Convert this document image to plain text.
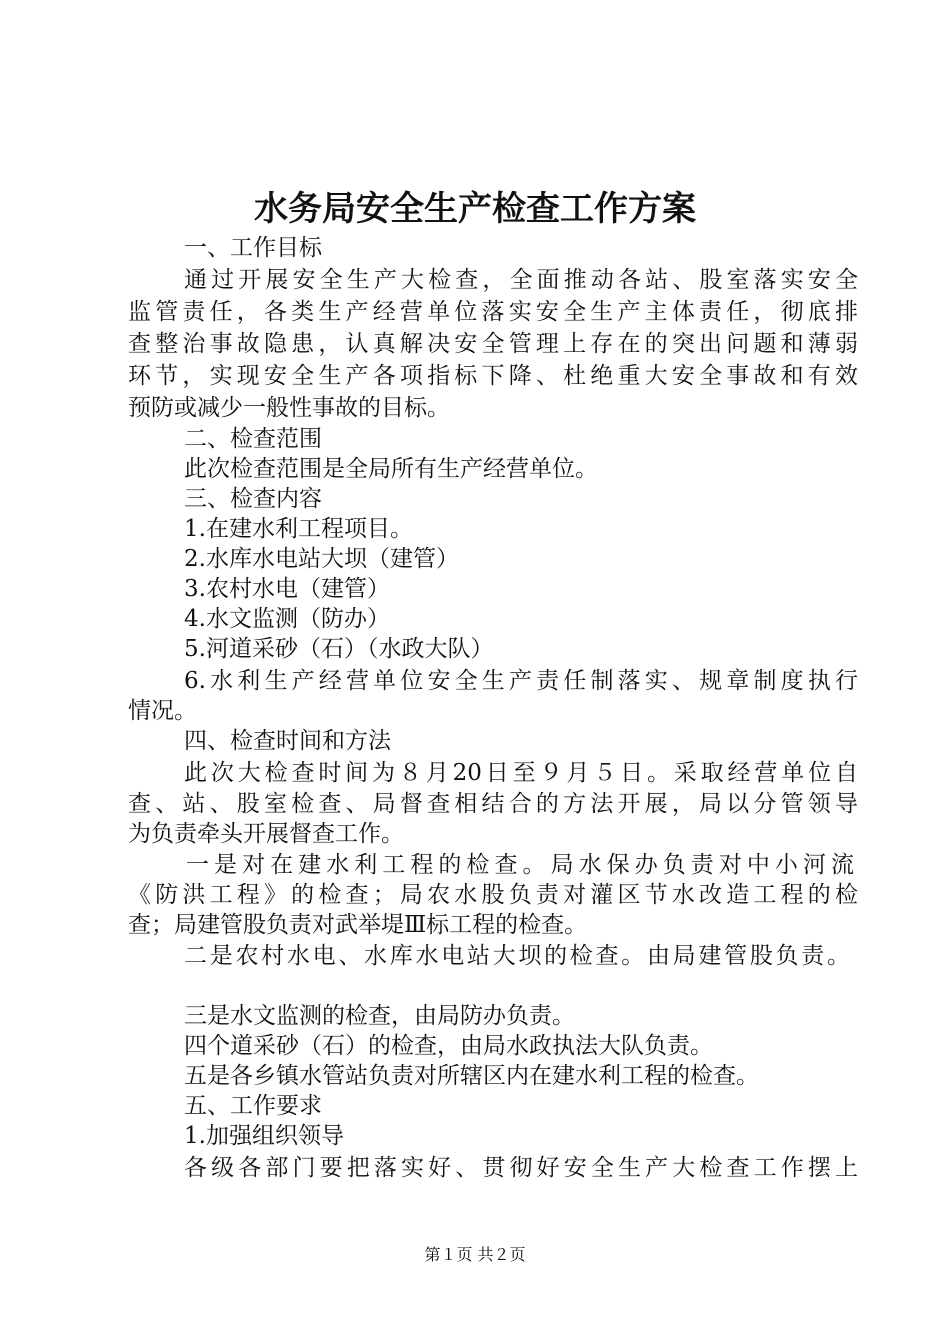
水务局安全生产检查工作方案
一、工作目标
通过开展安全生产大检查，全面推动各站、股室落实安全
监管责任，各类生产经营单位落实安全生产主体责任，彻底排
查整治事故隐患，认真解决安全管理上存在的突出问题和薄弱
环节，实现安全生产各项指标下降、杜绝重大安全事故和有效
预防或减少一般性事故的目标。
二、检查范围
此次检查范围是全局所有生产经营单位。
三、检查内容
1.在建水利工程项目。
2.水库水电站大坝（建管）
3.农村水电（建管）
4.水文监测（防办）
5.河道采砂（石）（水政大队）
6.水利生产经营单位安全生产责任制落实、规章制度执行
情况。
四、检查时间和方法
此次大检查时间为８月20日至９月５日。采取经营单位自
查、站、股室检查、局督查相结合的方法开展，局以分管领导
为负责牵头开展督查工作。
一是对在建水利工程的检查。局水保办负责对中小河流
《防洪工程》的检查；局农水股负责对灌区节水改造工程的检
查；局建管股负责对武举堤Ⅲ标工程的检查。
二是农村水电、水库水电站大坝的检查。由局建管股负责。
三是水文监测的检查，由局防办负责。
四个道采砂（石）的检查，由局水政执法大队负责。
五是各乡镇水管站负责对所辖区内在建水利工程的检查。
五、工作要求
1.加强组织领导
各级各部门要把落实好、贯彻好安全生产大检查工作摆上
第１页 共２页
